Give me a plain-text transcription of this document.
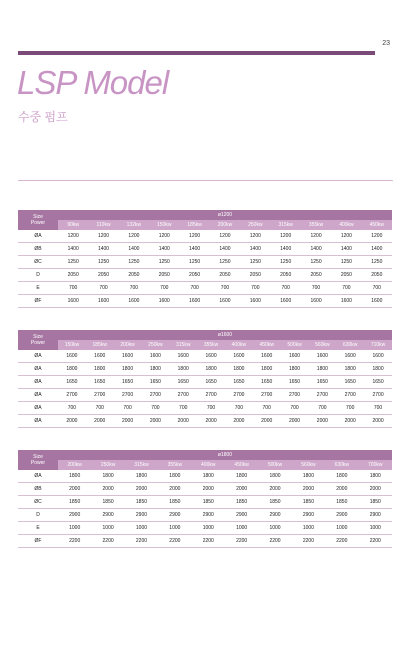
23
LSP Model
수중 펌프
Size
Power	ø1200										
	90kw	110kw	132kw	150kw	185kw	200kw	250kw	315kw	355kw	400kw	450kw
ØA	1200	1200	1200	1200	1200	1200	1200	1200	1200	1200	1200
ØB	1400	1400	1400	1400	1400	1400	1400	1400	1400	1400	1400
ØC	1250	1250	1250	1250	1250	1250	1250	1250	1250	1250	1250
D	2050	2050	2050	2050	2050	2050	2050	2050	2050	2050	2050
E	700	700	700	700	700	700	700	700	700	700	700
ØF	1600	1600	1600	1600	1600	1600	1600	1600	1600	1600	1600
Size
Power	ø1600											
	150kw	185kw	200kw	250kw	315kw	355kw	400kw	450kw	500kw	560kw	630kw	710kw
ØA	1600	1600	1600	1600	1600	1600	1600	1600	1600	1600	1600	1600
ØA	1800	1800	1800	1800	1800	1800	1800	1800	1800	1800	1800	1800
ØA	1650	1650	1650	1650	1650	1650	1650	1650	1650	1650	1650	1650
ØA	2700	2700	2700	2700	2700	2700	2700	2700	2700	2700	2700	2700
ØA	700	700	700	700	700	700	700	700	700	700	700	700
ØA	2000	2000	2000	2000	2000	2000	2000	2000	2000	2000	2000	2000
Size
Power	ø1800									
	200kw	250kw	315kw	355kw	400kw	450kw	500kw	560kw	630kw	700kw
ØA	1800	1800	1800	1800	1800	1800	1800	1800	1800	1800
ØB	2000	2000	2000	2000	2000	2000	2000	2000	2000	2000
ØC	1850	1850	1850	1850	1850	1850	1850	1850	1850	1850
D	2900	2900	2900	2900	2900	2900	2900	2900	2900	2900
E	1000	1000	1000	1000	1000	1000	1000	1000	1000	1000
ØF	2200	2200	2200	2200	2200	2200	2200	2200	2200	2200
